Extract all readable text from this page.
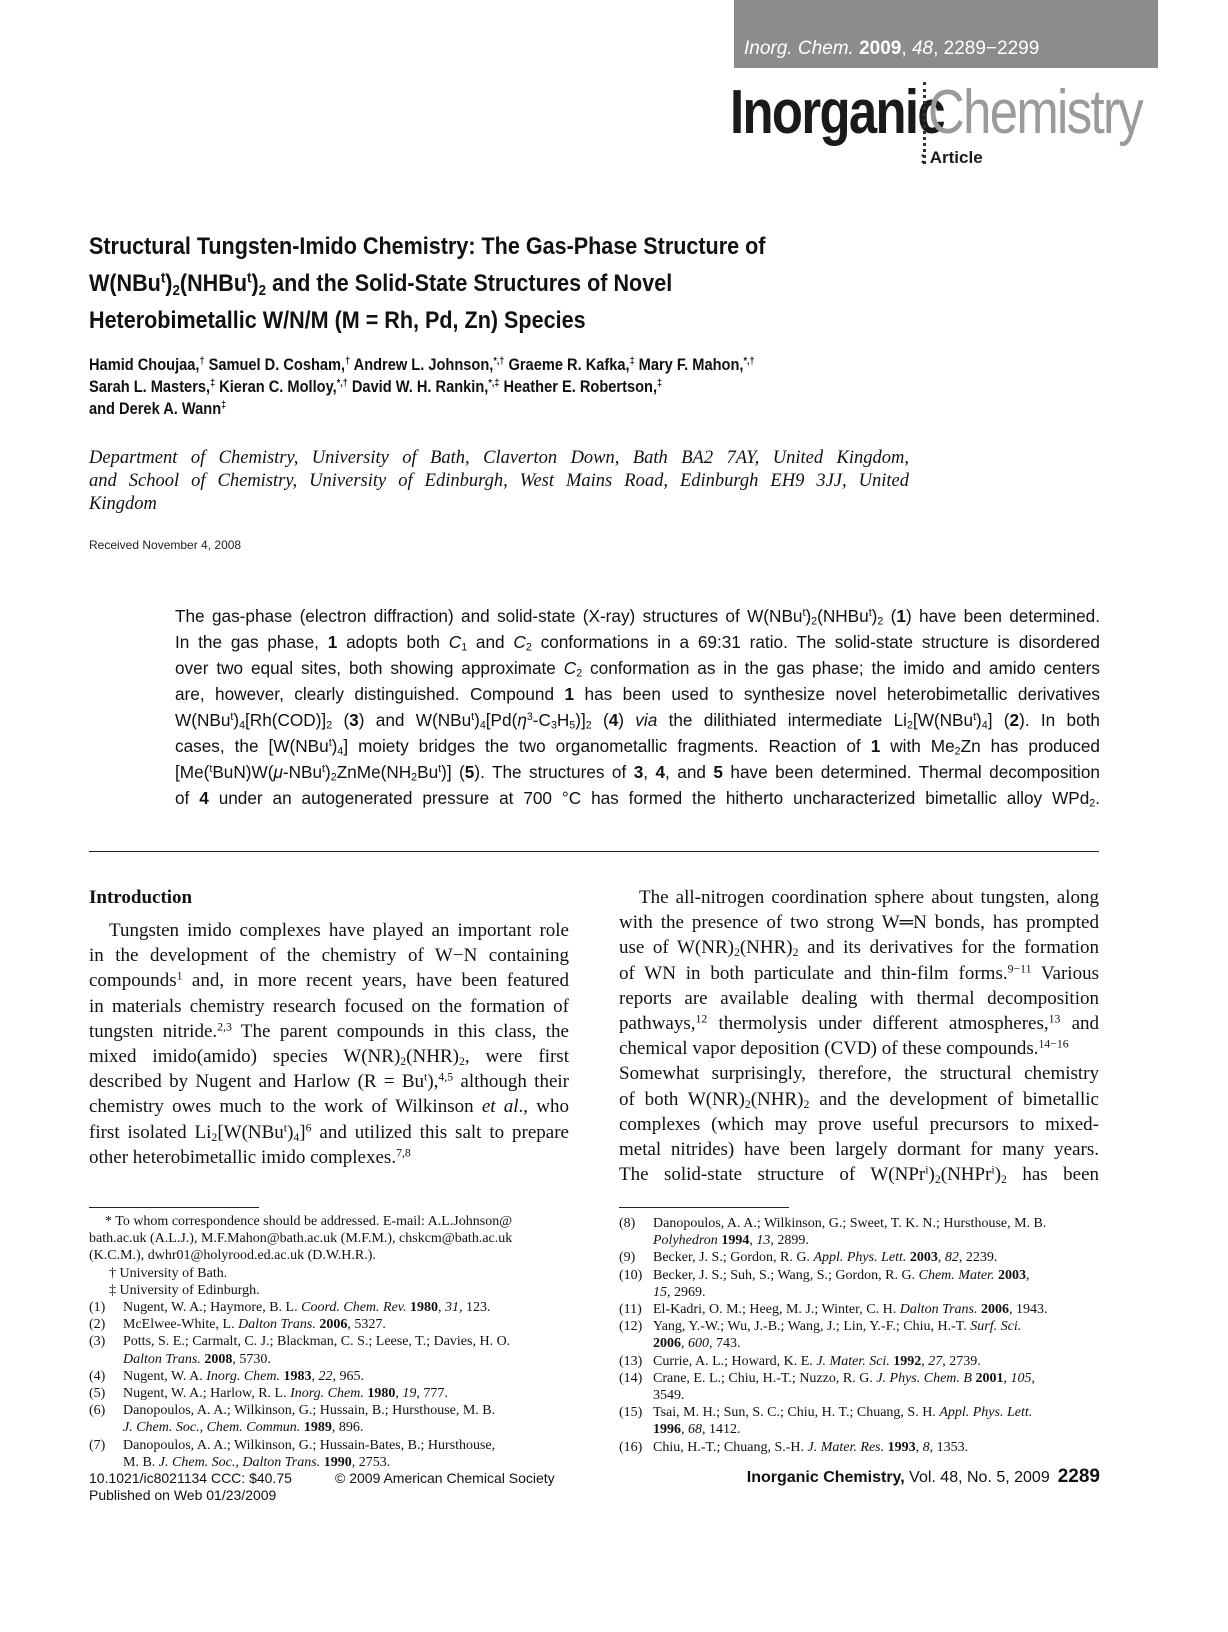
Inorg. Chem. 2009, 48, 2289−2299
Inorganic
Chemistry
: Article
Structural Tungsten-Imido Chemistry: The Gas-Phase Structure of
$W(NBu^t)_2(NHBu^t)_2$ and the Solid-State Structures of Novel
Heterobimetallic W/N/M (M = Rh, Pd, Zn) Species
Hamid Choujaa,† Samuel D. Cosham,† Andrew L. Johnson,*,† Graeme R. Kafka,‡ Mary F. Mahon,*,†
Sarah L. Masters,‡ Kieran C. Molloy,*,† David W. H. Rankin,*,‡ Heather E. Robertson,‡
and Derek A. Wann‡
Department of Chemistry, University of Bath, Claverton Down, Bath BA2 7AY, United Kingdom,
and School of Chemistry, University of Edinburgh, West Mains Road, Edinburgh EH9 3JJ, United
Kingdom
Received November 4, 2008
The gas-phase (electron diffraction) and solid-state (X-ray) structures of $W(NBu^t)_2(NHBu^t)_2$ (1) have been determined.
In the gas phase, 1 adopts both $C_1$ and $C_2$ conformations in a 69:31 ratio. The solid-state structure is disordered
over two equal sites, both showing approximate $C_2$ conformation as in the gas phase; the imido and amido centers
are, however, clearly distinguished. Compound 1 has been used to synthesize novel heterobimetallic derivatives
$W(NBu^t)_4[Rh(COD)]_2$ (3) and $W(NBu^t)_4[Pd(\eta^3-C_3H_5)]_2$ (4) via the dilithiated intermediate $Li_2[W(NBu^t)_4]$ (2). In both
cases, the $[W(NBu^t)_4]$ moiety bridges the two organometallic fragments. Reaction of 1 with $Me_2Zn$ has produced
$[Me(^tBuN)W(\mu-NBu^t)_2ZnMe(NH_2Bu^t)]$ (5). The structures of 3, 4, and 5 have been determined. Thermal decomposition
of 4 under an autogenerated pressure at 700 °C has formed the hitherto uncharacterized bimetallic alloy WPd$_2$.
Introduction
Tungsten imido complexes have played an important role
in the development of the chemistry of W−N containing
compounds$^1$ and, in more recent years, have been featured
in materials chemistry research focused on the formation of
tungsten nitride.$^{2,3}$ The parent compounds in this class, the
mixed imido(amido) species $W(NR)_2(NHR)_2$, were first
described by Nugent and Harlow $(R = Bu^t),^{4,5}$ although their
chemistry owes much to the work of Wilkinson et al., who
first isolated $Li_2[W(NBu^t)_4]^6$ and utilized this salt to prepare
other heterobimetallic imido complexes.$^{7,8}$
The all-nitrogen coordination sphere about tungsten, along
with the presence of two strong W═N bonds, has prompted
use of $W(NR)_2(NHR)_2$ and its derivatives for the formation
of WN in both particulate and thin-film forms.$^{9-11}$ Various
reports are available dealing with thermal decomposition
pathways,$^{12}$ thermolysis under different atmospheres,$^{13}$ and
chemical vapor deposition (CVD) of these compounds.$^{14-16}$
Somewhat surprisingly, therefore, the structural chemistry
of both $W(NR)_2(NHR)_2$ and the development of bimetallic
complexes (which may prove useful precursors to mixed-
metal nitrides) have been largely dormant for many years.
The solid-state structure of $W(NPr^i)_2(NHPr^i)_2$ has been
* To whom correspondence should be addressed. E-mail: A.L.Johnson@
bath.ac.uk (A.L.J.), M.F.Mahon@bath.ac.uk (M.F.M.), chskcm@bath.ac.uk
(K.C.M.), dwhr01@holyrood.ed.ac.uk (D.W.H.R.).
† University of Bath.
‡ University of Edinburgh.
(1)	Nugent, W. A.; Haymore, B. L. Coord. Chem. Rev. 1980, 31, 123.
(2)	McElwee-White, L. Dalton Trans. 2006, 5327.
(3)	Potts, S. E.; Carmalt, C. J.; Blackman, C. S.; Leese, T.; Davies, H. O.
Dalton Trans. 2008, 5730.
(4)	Nugent, W. A. Inorg. Chem. 1983, 22, 965.
(5)	Nugent, W. A.; Harlow, R. L. Inorg. Chem. 1980, 19, 777.
(6)	Danopoulos, A. A.; Wilkinson, G.; Hussain, B.; Hursthouse, M. B.
J. Chem. Soc., Chem. Commun. 1989, 896.
(7)	Danopoulos, A. A.; Wilkinson, G.; Hussain-Bates, B.; Hursthouse,
M. B. J. Chem. Soc., Dalton Trans. 1990, 2753.
(8)	Danopoulos, A. A.; Wilkinson, G.; Sweet, T. K. N.; Hursthouse, M. B.
Polyhedron 1994, 13, 2899.
(9)	Becker, J. S.; Gordon, R. G. Appl. Phys. Lett. 2003, 82, 2239.
(10) Becker, J. S.; Suh, S.; Wang, S.; Gordon, R. G. Chem. Mater. 2003,
15, 2969.
(11) El-Kadri, O. M.; Heeg, M. J.; Winter, C. H. Dalton Trans. 2006, 1943.
(12) Yang, Y.-W.; Wu, J.-B.; Wang, J.; Lin, Y.-F.; Chiu, H.-T. Surf. Sci.
2006, 600, 743.
(13) Currie, A. L.; Howard, K. E. J. Mater. Sci. 1992, 27, 2739.
(14) Crane, E. L.; Chiu, H.-T.; Nuzzo, R. G. J. Phys. Chem. B 2001, 105,
3549.
(15) Tsai, M. H.; Sun, S. C.; Chiu, H. T.; Chuang, S. H. Appl. Phys. Lett.
1996, 68, 1412.
(16) Chiu, H.-T.; Chuang, S.-H. J. Mater. Res. 1993, 8, 1353.
10.1021/ic8021134 CCC: $40.75	© 2009 American Chemical Society
Published on Web 01/23/2009
Inorganic Chemistry, Vol. 48, No. 5, 2009 2289
